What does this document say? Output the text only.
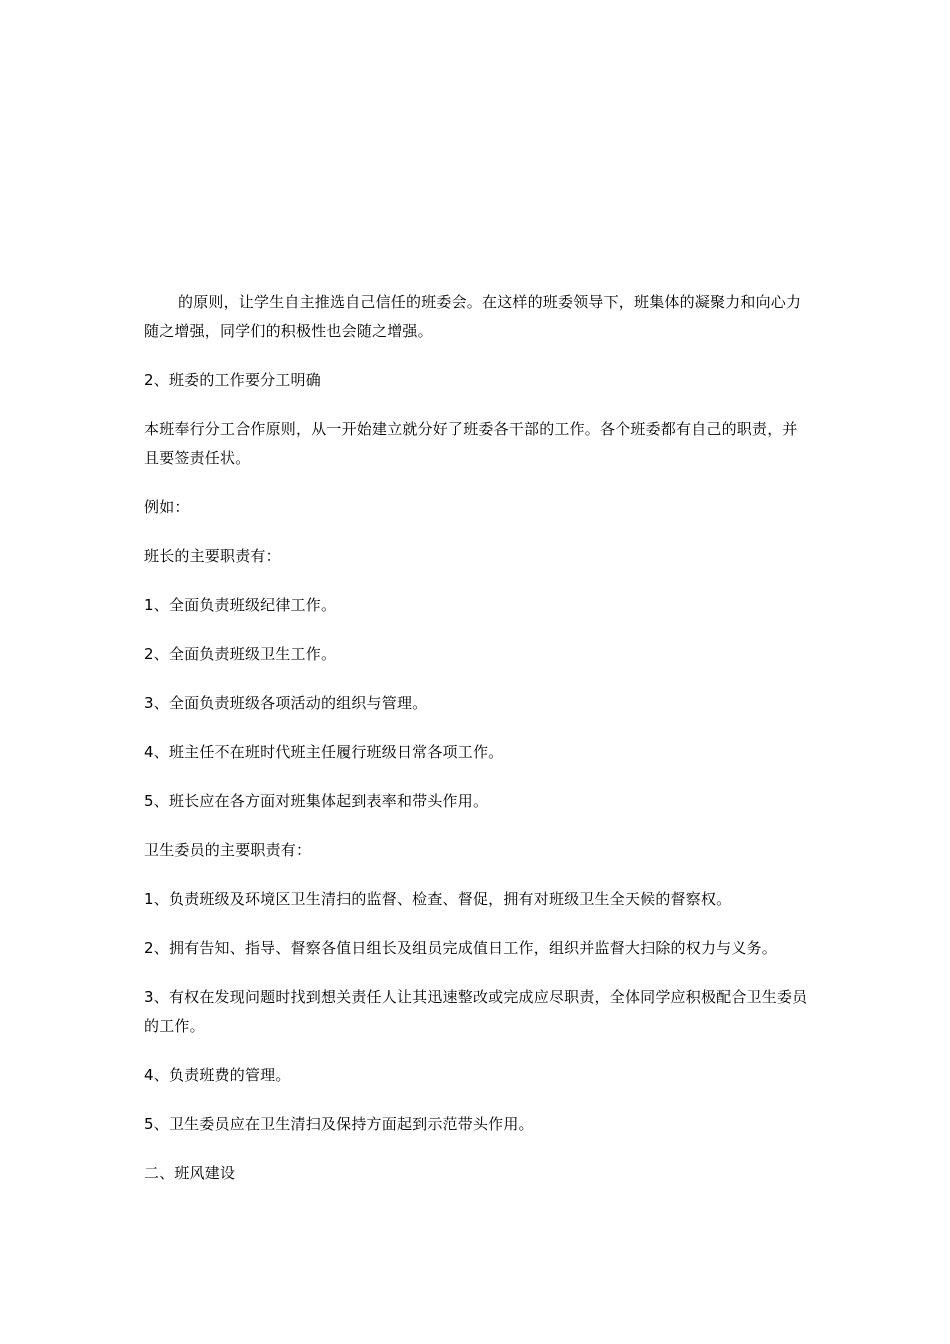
的原则，让学生自主推选自己信任的班委会。在这样的班委领导下，班集体的凝聚力和向心力随之增强，同学们的积极性也会随之增强。

2、班委的工作要分工明确

本班奉行分工合作原则，从一开始建立就分好了班委各干部的工作。各个班委都有自己的职责，并且要签责任状。

例如：

班长的主要职责有：

1、全面负责班级纪律工作。

2、全面负责班级卫生工作。

3、全面负责班级各项活动的组织与管理。

4、班主任不在班时代班主任履行班级日常各项工作。

5、班长应在各方面对班集体起到表率和带头作用。

卫生委员的主要职责有：

1、负责班级及环境区卫生清扫的监督、检查、督促，拥有对班级卫生全天候的督察权。

2、拥有告知、指导、督察各值日组长及组员完成值日工作，组织并监督大扫除的权力与义务。

3、有权在发现问题时找到想关责任人让其迅速整改或完成应尽职责，全体同学应积极配合卫生委员的工作。

4、负责班费的管理。

5、卫生委员应在卫生清扫及保持方面起到示范带头作用。

二、班风建设
